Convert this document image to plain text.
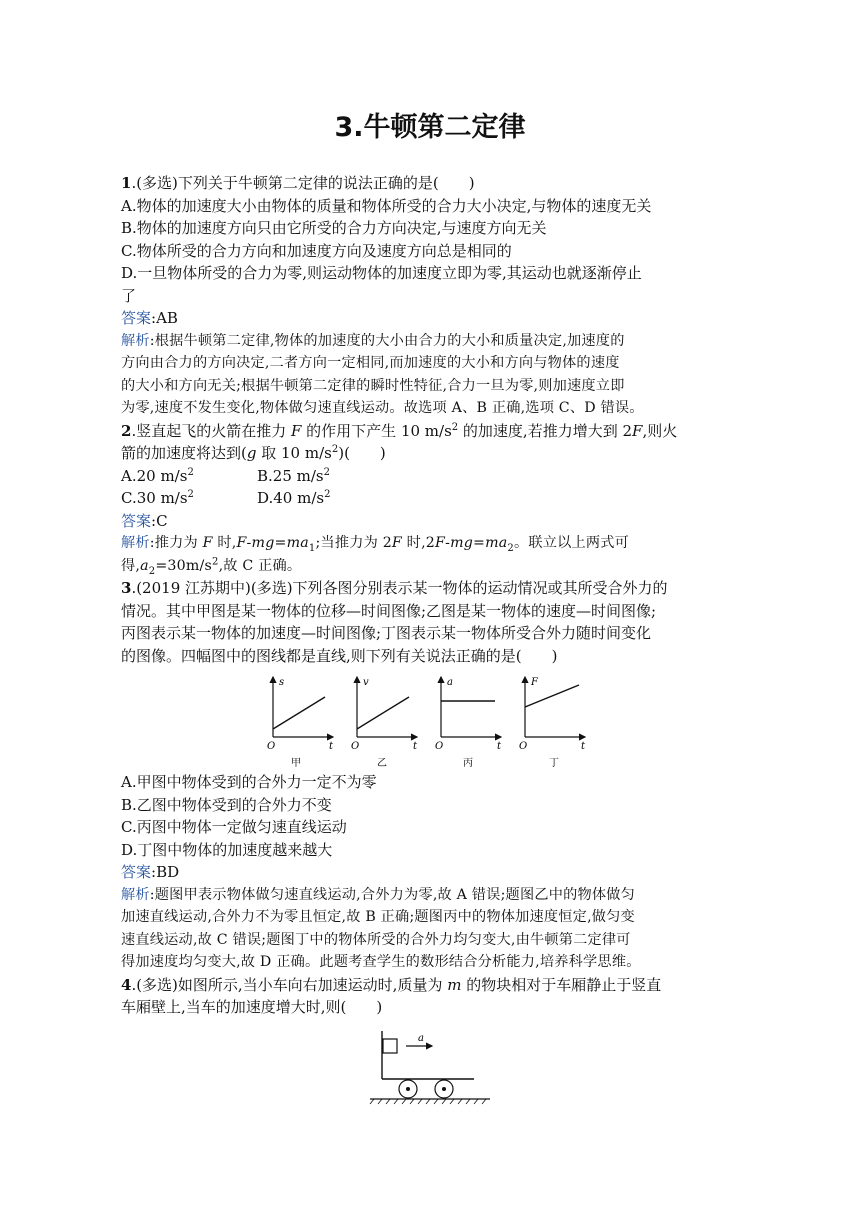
3.牛顿第二定律
1.(多选)下列关于牛顿第二定律的说法正确的是(　　)
A.物体的加速度大小由物体的质量和物体所受的合力大小决定,与物体的速度无关
B.物体的加速度方向只由它所受的合力方向决定,与速度方向无关
C.物体所受的合力方向和加速度方向及速度方向总是相同的
D.一旦物体所受的合力为零,则运动物体的加速度立即为零,其运动也就逐渐停止
了
答案:AB
解析:根据牛顿第二定律,物体的加速度的大小由合力的大小和质量决定,加速度的
方向由合力的方向决定,二者方向一定相同,而加速度的大小和方向与物体的速度
的大小和方向无关;根据牛顿第二定律的瞬时性特征,合力一旦为零,则加速度立即
为零,速度不发生变化,物体做匀速直线运动。故选项 A、B 正确,选项 C、D 错误。
2.竖直起飞的火箭在推力 F 的作用下产生 10 $m/s^2$ 的加速度,若推力增大到 2F,则火
箭的加速度将达到(g 取 10 $m/s^2$)(　　)
A.20 $m/s^2$	B.25 $m/s^2$
C.30 $m/s^2$	D.40 $m/s^2$
答案:C
解析:推力为 F 时$,F-mg=ma_1$;当推力为 2F 时$,2F-mg=ma_2$。联立以上两式可
得$,a_2=30m/s^2$,故 C 正确。
3.(2019 江苏期中)(多选)下列各图分别表示某一物体的运动情况或其所受合外力的
情况。其中甲图是某一物体的位移—时间图像;乙图是某一物体的速度—时间图像;
丙图表示某一物体的加速度—时间图像;丁图表示某一物体所受合外力随时间变化
的图像。四幅图中的图线都是直线,则下列有关说法正确的是(　　)
s
O	t
甲
v
O	t
乙
a
O	t
丙
F
O	t
丁
A.甲图中物体受到的合外力一定不为零
B.乙图中物体受到的合外力不变
C.丙图中物体一定做匀速直线运动
D.丁图中物体的加速度越来越大
答案:BD
解析:题图甲表示物体做匀速直线运动,合外力为零,故 A 错误;题图乙中的物体做匀
加速直线运动,合外力不为零且恒定,故 B 正确;题图丙中的物体加速度恒定,做匀变
速直线运动,故 C 错误;题图丁中的物体所受的合外力均匀变大,由牛顿第二定律可
得加速度均匀变大,故 D 正确。此题考查学生的数形结合分析能力,培养科学思维。
4.(多选)如图所示,当小车向右加速运动时,质量为 m 的物块相对于车厢静止于竖直
车厢壁上,当车的加速度增大时,则(　　)
a
